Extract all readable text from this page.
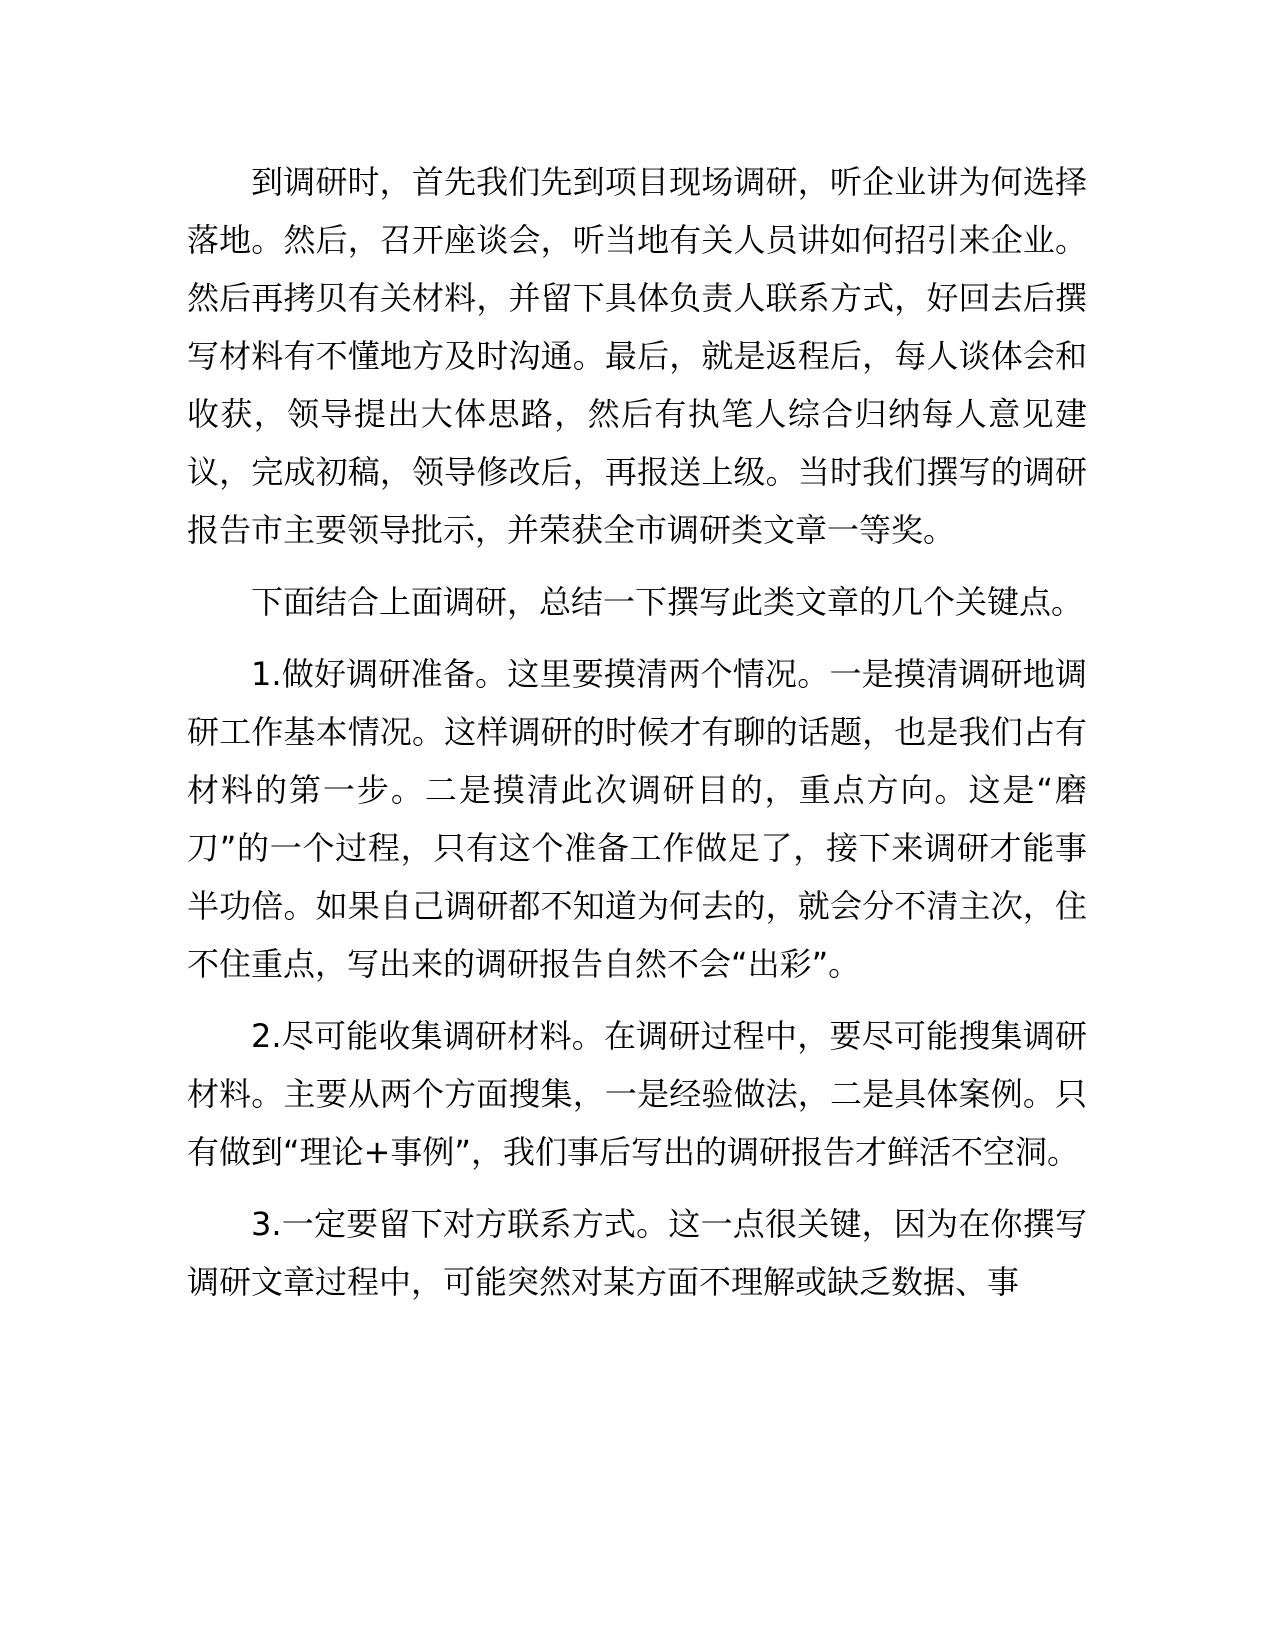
到调研时，首先我们先到项目现场调研，听企业讲为何选择落地。然后，召开座谈会，听当地有关人员讲如何招引来企业。然后再拷贝有关材料，并留下具体负责人联系方式，好回去后撰写材料有不懂地方及时沟通。最后，就是返程后，每人谈体会和收获，领导提出大体思路，然后有执笔人综合归纳每人意见建议，完成初稿，领导修改后，再报送上级。当时我们撰写的调研报告市主要领导批示，并荣获全市调研类文章一等奖。

下面结合上面调研，总结一下撰写此类文章的几个关键点。

1.做好调研准备。这里要摸清两个情况。一是摸清调研地调研工作基本情况。这样调研的时候才有聊的话题，也是我们占有材料的第一步。二是摸清此次调研目的，重点方向。这是“磨刀”的一个过程，只有这个准备工作做足了，接下来调研才能事半功倍。如果自己调研都不知道为何去的，就会分不清主次，住不住重点，写出来的调研报告自然不会“出彩”。

2.尽可能收集调研材料。在调研过程中，要尽可能搜集调研材料。主要从两个方面搜集，一是经验做法，二是具体案例。只有做到“理论+事例”，我们事后写出的调研报告才鲜活不空洞。

3.一定要留下对方联系方式。这一点很关键，因为在你撰写调研文章过程中，可能突然对某方面不理解或缺乏数据、事
